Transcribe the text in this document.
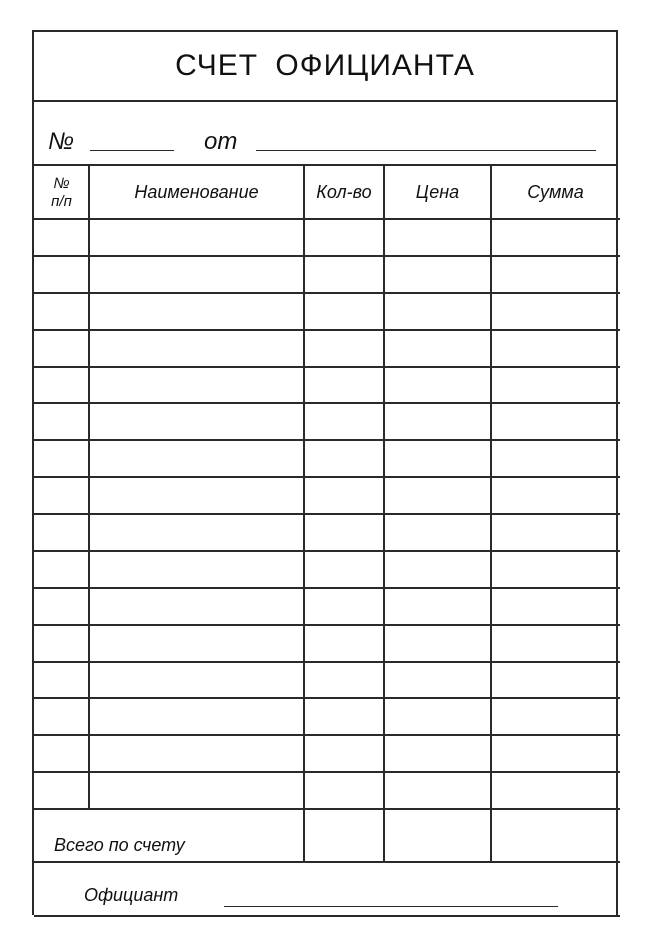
СЧЕТ ОФИЦИАНТА
№	от
№
п/п	Наименование	Кол-во	Цена	Сумма
Всего по счету
Официант
